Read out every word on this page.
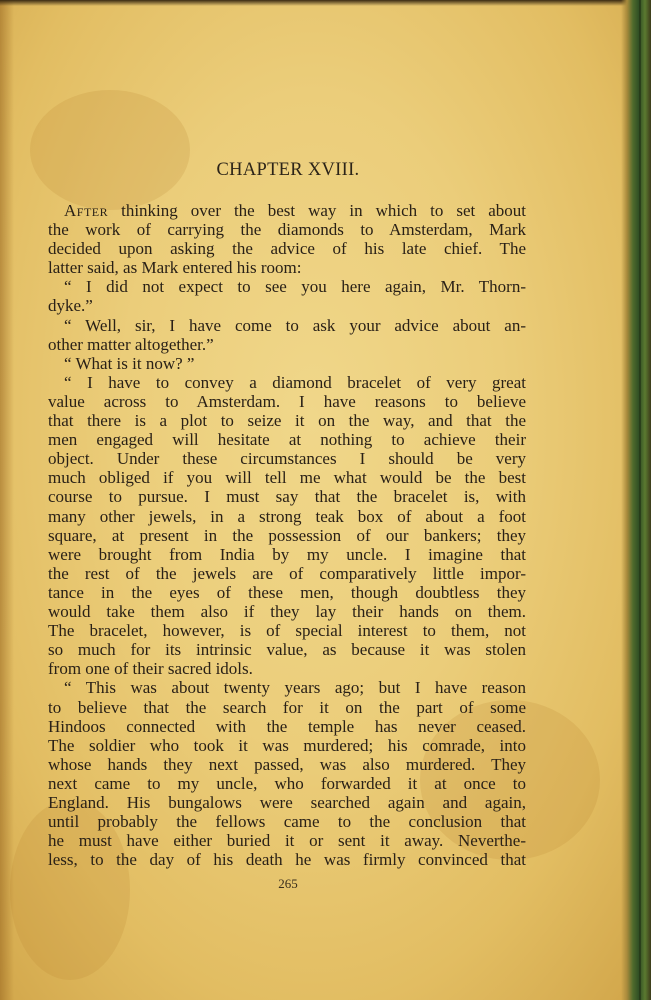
CHAPTER XVIII.
After thinking over the best way in which to set about
the work of carrying the diamonds to Amsterdam, Mark
decided upon asking the advice of his late chief. The
latter said, as Mark entered his room:
“ I did not expect to see you here again, Mr. Thorn-
dyke.”
“ Well, sir, I have come to ask your advice about an-
other matter altogether.”
“ What is it now? ”
“ I have to convey a diamond bracelet of very great
value across to Amsterdam. I have reasons to believe
that there is a plot to seize it on the way, and that the
men engaged will hesitate at nothing to achieve their
object. Under these circumstances I should be very
much obliged if you will tell me what would be the best
course to pursue. I must say that the bracelet is, with
many other jewels, in a strong teak box of about a foot
square, at present in the possession of our bankers; they
were brought from India by my uncle. I imagine that
the rest of the jewels are of comparatively little impor-
tance in the eyes of these men, though doubtless they
would take them also if they lay their hands on them.
The bracelet, however, is of special interest to them, not
so much for its intrinsic value, as because it was stolen
from one of their sacred idols.
“ This was about twenty years ago; but I have reason
to believe that the search for it on the part of some
Hindoos connected with the temple has never ceased.
The soldier who took it was murdered; his comrade, into
whose hands they next passed, was also murdered. They
next came to my uncle, who forwarded it at once to
England. His bungalows were searched again and again,
until probably the fellows came to the conclusion that
he must have either buried it or sent it away. Neverthe-
less, to the day of his death he was firmly convinced that
265
